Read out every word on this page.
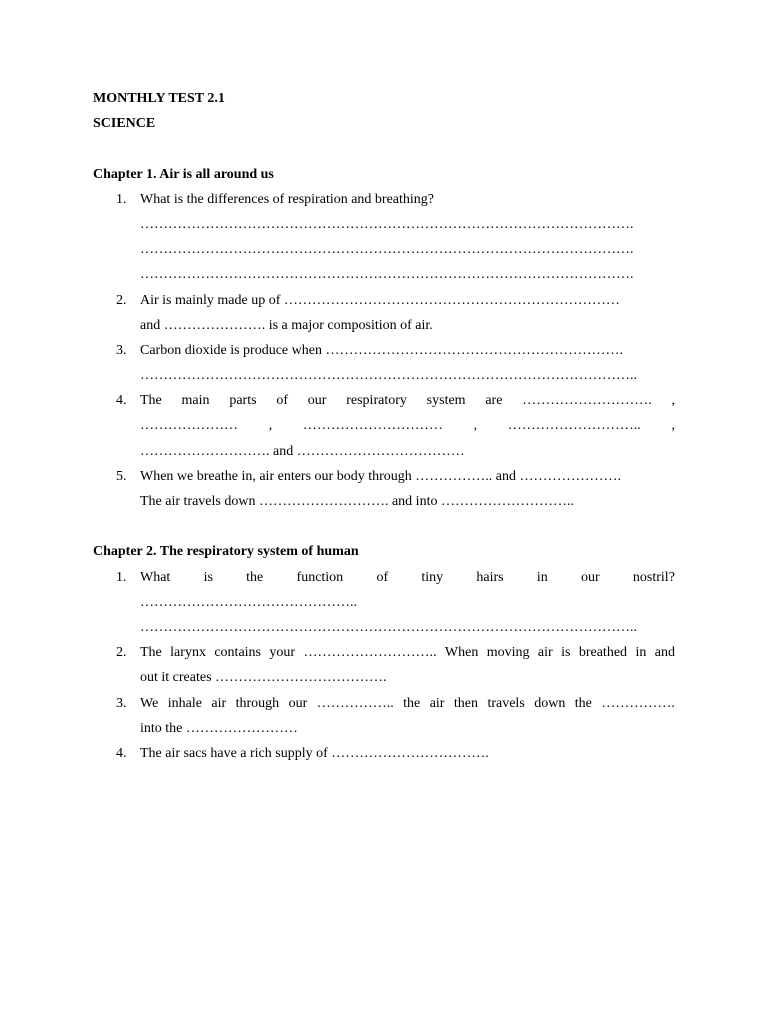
MONTHLY TEST 2.1
SCIENCE
Chapter 1. Air is all around us
1. What is the differences of respiration and breathing?
…………………………………………………………………………………………….
…………………………………………………………………………………………….
…………………………………………………………………………………………….
2. Air is mainly made up of ………………………………………………………………
and …………………. is a major composition of air.
3. Carbon dioxide is produce when ……………………………………………………….
……………………………………………………………………………………………..
4. The main parts of our respiratory system are ………………………. ,
………………… , ………………………… , ……………………….. ,
………………………. and ………………………………
5. When we breathe in, air enters our body through …………….. and ………………….
The air travels down ………………………. and into ………………………..
Chapter 2. The respiratory system of human
1. What is the function of tiny hairs in our nostril?
………………………………………..
……………………………………………………………………………………………..
2. The larynx contains your ……………………….. When moving air is breathed in and
out it creates ……………………………….
3. We inhale air through our …………….. the air then travels down the …………….
into the ……………………
4. The air sacs have a rich supply of …………………………….
